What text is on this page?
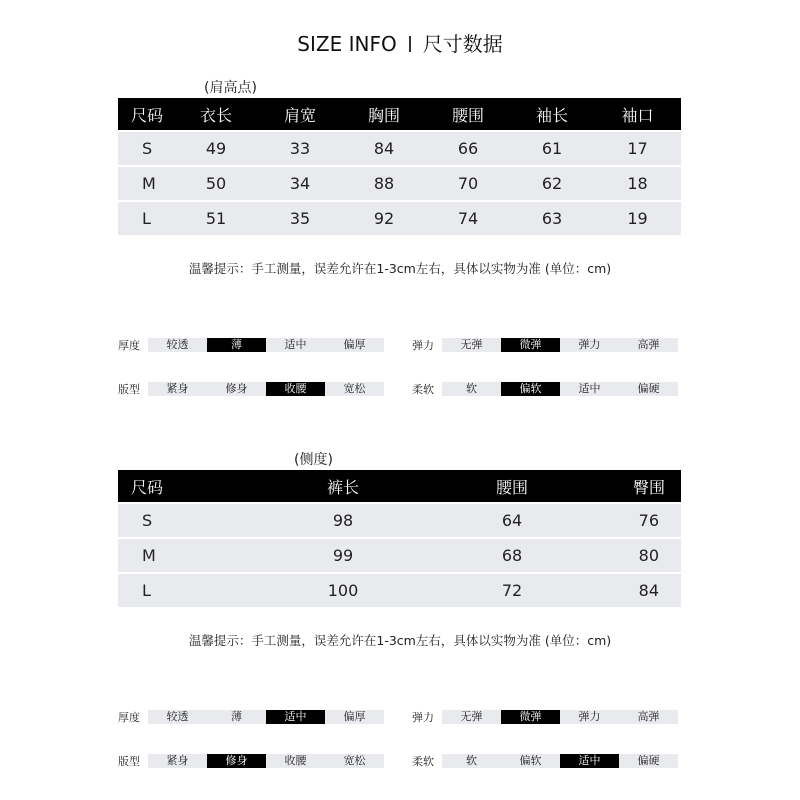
SIZE INFO 尺寸数据
(肩高点)
尺码	衣长	肩宽	胸围	腰围	袖长	袖口
S	49	33	84	66	61	17
M	50	34	88	70	62	18
L	51	35	92	74	63	19
温馨提示：手工测量，误差允许在1-3cm左右，具体以实物为准 (单位：cm)
厚度	较透	薄	适中	偏厚	弹力	无弹	微弹	弹力	高弹
版型	紧身	修身	收腰	宽松	柔软	软	偏软	适中	偏硬
(侧度)
尺码	裤长	腰围	臀围
S	98	64	76
M	99	68	80
L	100	72	84
温馨提示：手工测量，误差允许在1-3cm左右，具体以实物为准 (单位：cm)
厚度	较透	薄	适中	偏厚	弹力	无弹	微弹	弹力	高弹
版型	紧身	修身	收腰	宽松	柔软	软	偏软	适中	偏硬
